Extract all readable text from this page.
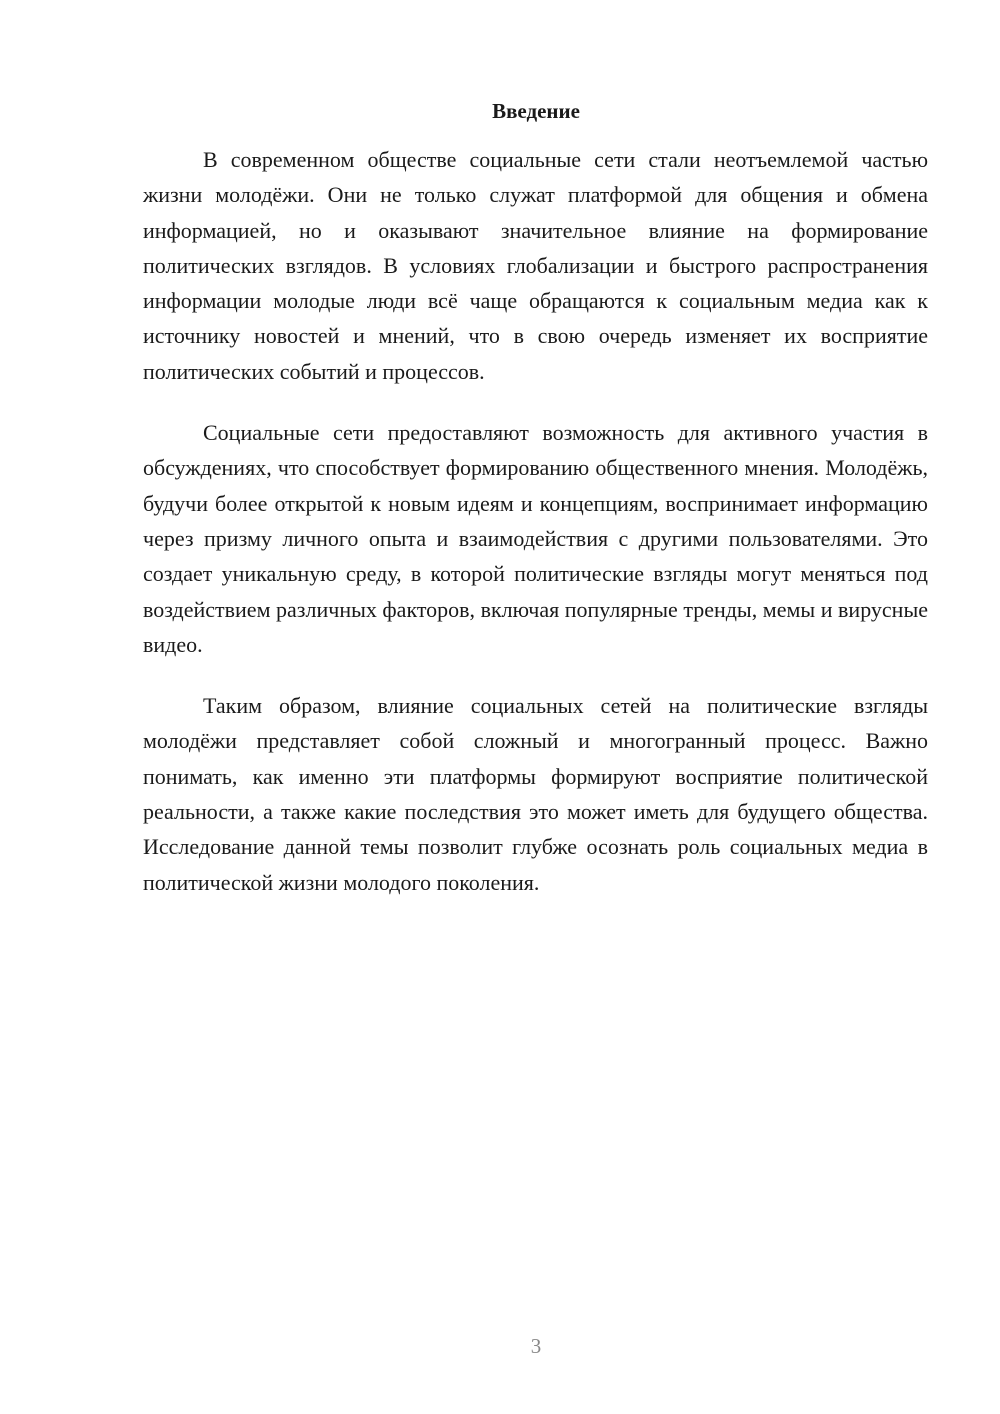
Введение

В современном обществе социальные сети стали неотъемлемой частью жизни молодёжи. Они не только служат платформой для общения и обмена информацией, но и оказывают значительное влияние на формирование политических взглядов. В условиях глобализации и быстрого распространения информации молодые люди всё чаще обращаются к социальным медиа как к источнику новостей и мнений, что в свою очередь изменяет их восприятие политических событий и процессов.

Социальные сети предоставляют возможность для активного участия в обсуждениях, что способствует формированию общественного мнения. Молодёжь, будучи более открытой к новым идеям и концепциям, воспринимает информацию через призму личного опыта и взаимодействия с другими пользователями. Это создает уникальную среду, в которой политические взгляды могут меняться под воздействием различных факторов, включая популярные тренды, мемы и вирусные видео.

Таким образом, влияние социальных сетей на политические взгляды молодёжи представляет собой сложный и многогранный процесс. Важно понимать, как именно эти платформы формируют восприятие политической реальности, а также какие последствия это может иметь для будущего общества. Исследование данной темы позволит глубже осознать роль социальных медиа в политической жизни молодого поколения.

3
